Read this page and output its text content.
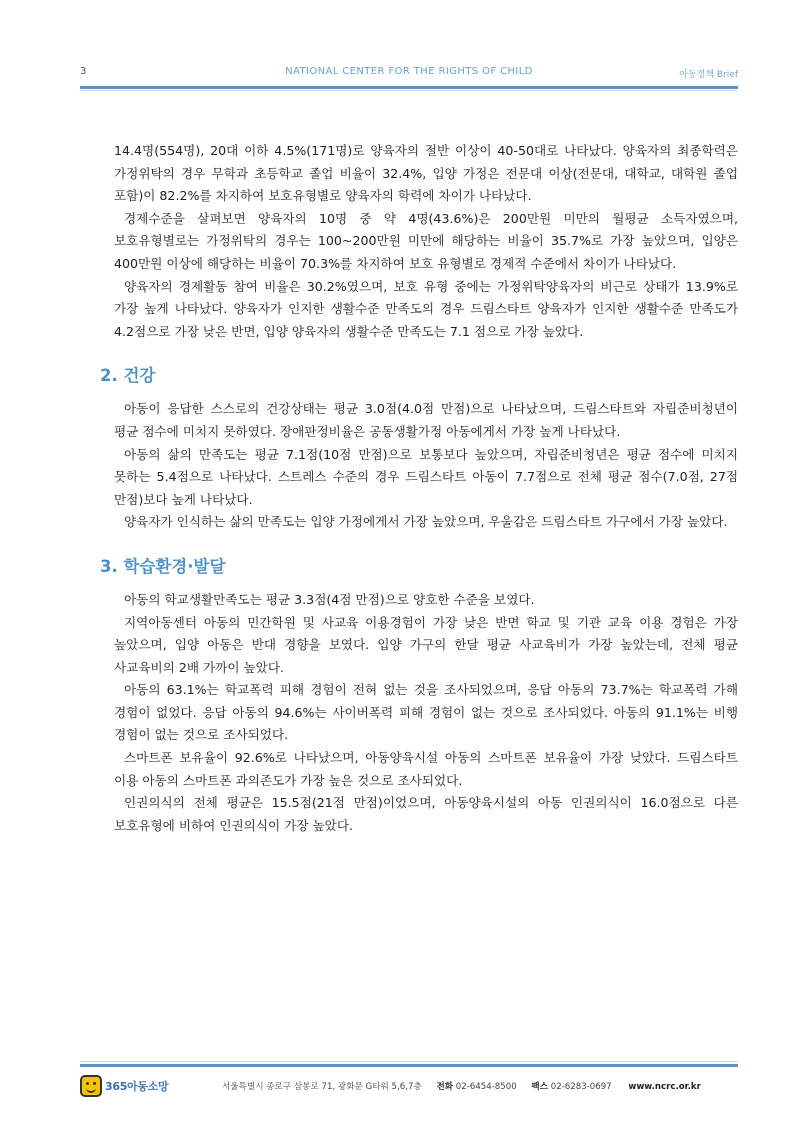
3	NATIONAL CENTER FOR THE RIGHTS OF CHILD	아동정책 Brief

14.4명(554명), 20대 이하 4.5%(171명)로 양육자의 절반 이상이 40-50대로 나타났다. 양육자의 최종학력은 가정위탁의 경우 무학과 초등학교 졸업 비율이 32.4%, 입양 가정은 전문대 이상(전문대, 대학교, 대학원 졸업 포함)이 82.2%를 차지하여 보호유형별로 양육자의 학력에 차이가 나타났다.

경제수준을 살펴보면 양육자의 10명 중 약 4명(43.6%)은 200만원 미만의 월평균 소득자였으며, 보호유형별로는 가정위탁의 경우는 100~200만원 미만에 해당하는 비율이 35.7%로 가장 높았으며, 입양은 400만원 이상에 해당하는 비율이 70.3%를 차지하여 보호 유형별로 경제적 수준에서 차이가 나타났다.

양육자의 경제활동 참여 비율은 30.2%였으며, 보호 유형 중에는 가정위탁양육자의 비근로 상태가 13.9%로 가장 높게 나타났다. 양육자가 인지한 생활수준 만족도의 경우 드림스타트 양육자가 인지한 생활수준 만족도가 4.2점으로 가장 낮은 반면, 입양 양육자의 생활수준 만족도는 7.1 점으로 가장 높았다.

2. 건강

아동이 응답한 스스로의 건강상태는 평균 3.0점(4.0점 만점)으로 나타났으며, 드림스타트와 자립준비청년이 평균 점수에 미치지 못하였다. 장애판정비율은 공동생활가정 아동에게서 가장 높게 나타났다.

아동의 삶의 만족도는 평균 7.1점(10점 만점)으로 보통보다 높았으며, 자립준비청년은 평균 점수에 미치지 못하는 5.4점으로 나타났다. 스트레스 수준의 경우 드림스타트 아동이 7.7점으로 전체 평균 점수(7.0점, 27점 만점)보다 높게 나타났다.

양육자가 인식하는 삶의 만족도는 입양 가정에게서 가장 높았으며, 우울감은 드림스타트 가구에서 가장 높았다.

3. 학습환경·발달

아동의 학교생활만족도는 평균 3.3점(4점 만점)으로 양호한 수준을 보였다.

지역아동센터 아동의 민간학원 및 사교육 이용경험이 가장 낮은 반면 학교 및 기관 교육 이용 경험은 가장 높았으며, 입양 아동은 반대 경향을 보였다. 입양 가구의 한달 평균 사교육비가 가장 높았는데, 전체 평균 사교육비의 2배 가까이 높았다.

아동의 63.1%는 학교폭력 피해 경험이 전혀 없는 것을 조사되었으며, 응답 아동의 73.7%는 학교폭력 가해 경험이 없었다. 응답 아동의 94.6%는 사이버폭력 피해 경험이 없는 것으로 조사되었다. 아동의 91.1%는 비행 경험이 없는 것으로 조사되었다.

스마트폰 보유율이 92.6%로 나타났으며, 아동양육시설 아동의 스마트폰 보유율이 가장 낮았다. 드림스타트 이용 아동의 스마트폰 과의존도가 가장 높은 것으로 조사되었다.

인권의식의 전체 평균은 15.5점(21점 만점)이었으며, 아동양육시설의 아동 인권의식이 16.0점으로 다른 보호유형에 비하여 인권의식이 가장 높았다.

365아동소망	서울특별시 종로구 삼봉로 71, 광화문 G타워 5,6,7층 전화 02-6454-8500 팩스 02-6283-0697 www.ncrc.or.kr
